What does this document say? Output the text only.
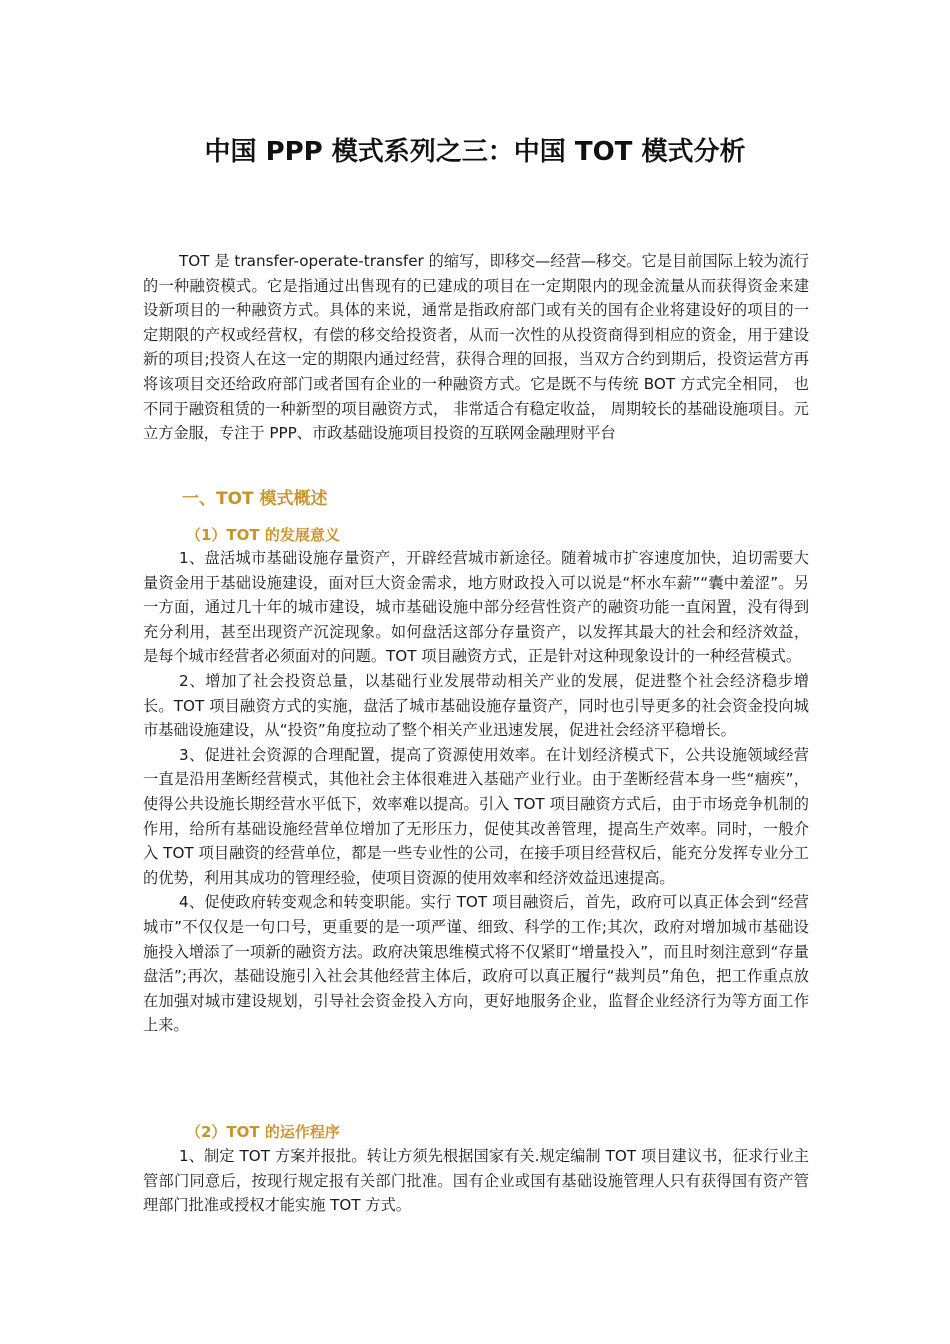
中国 PPP 模式系列之三：中国 TOT 模式分析

TOT 是 transfer-operate-transfer 的缩写，即移交—经营—移交。它是目前国际上较为流行的一种融资模式。它是指通过出售现有的已建成的项目在一定期限内的现金流量从而获得资金来建设新项目的一种融资方式。具体的来说，通常是指政府部门或有关的国有企业将建设好的项目的一定期限的产权或经营权，有偿的移交给投资者，从而一次性的从投资商得到相应的资金，用于建设新的项目;投资人在这一定的期限内通过经营，获得合理的回报，当双方合约到期后，投资运营方再将该项目交还给政府部门或者国有企业的一种融资方式。它是既不与传统 BOT 方式完全相同， 也不同于融资租赁的一种新型的项目融资方式， 非常适合有稳定收益， 周期较长的基础设施项目。元立方金服，专注于 PPP、市政基础设施项目投资的互联网金融理财平台

一、TOT 模式概述
（1）TOT 的发展意义

1、盘活城市基础设施存量资产，开辟经营城市新途径。随着城市扩容速度加快，迫切需要大量资金用于基础设施建设，面对巨大资金需求，地方财政投入可以说是“杯水车薪”“囊中羞涩”。另一方面，通过几十年的城市建设，城市基础设施中部分经营性资产的融资功能一直闲置，没有得到充分利用，甚至出现资产沉淀现象。如何盘活这部分存量资产，以发挥其最大的社会和经济效益，是每个城市经营者必须面对的问题。TOT 项目融资方式，正是针对这种现象设计的一种经营模式。

2、增加了社会投资总量，以基础行业发展带动相关产业的发展，促进整个社会经济稳步增长。TOT 项目融资方式的实施，盘活了城市基础设施存量资产，同时也引导更多的社会资金投向城市基础设施建设，从“投资”角度拉动了整个相关产业迅速发展，促进社会经济平稳增长。

3、促进社会资源的合理配置，提高了资源使用效率。在计划经济模式下，公共设施领域经营一直是沿用垄断经营模式，其他社会主体很难进入基础产业行业。由于垄断经营本身一些“痼疾”，使得公共设施长期经营水平低下，效率难以提高。引入 TOT 项目融资方式后，由于市场竞争机制的作用，给所有基础设施经营单位增加了无形压力，促使其改善管理，提高生产效率。同时，一般介入 TOT 项目融资的经营单位，都是一些专业性的公司，在接手项目经营权后，能充分发挥专业分工的优势，利用其成功的管理经验，使项目资源的使用效率和经济效益迅速提高。

4、促使政府转变观念和转变职能。实行 TOT 项目融资后，首先，政府可以真正体会到“经营城市”不仅仅是一句口号，更重要的是一项严谨、细致、科学的工作;其次，政府对增加城市基础设施投入增添了一项新的融资方法。政府决策思维模式将不仅紧盯“增量投入”，而且时刻注意到“存量盘活”;再次，基础设施引入社会其他经营主体后，政府可以真正履行“裁判员”角色，把工作重点放在加强对城市建设规划，引导社会资金投入方向，更好地服务企业，监督企业经济行为等方面工作上来。

（2）TOT 的运作程序

1、制定 TOT 方案并报批。转让方须先根据国家有关.规定编制 TOT 项目建议书，征求行业主管部门同意后，按现行规定报有关部门批准。国有企业或国有基础设施管理人只有获得国有资产管理部门批准或授权才能实施 TOT 方式。
